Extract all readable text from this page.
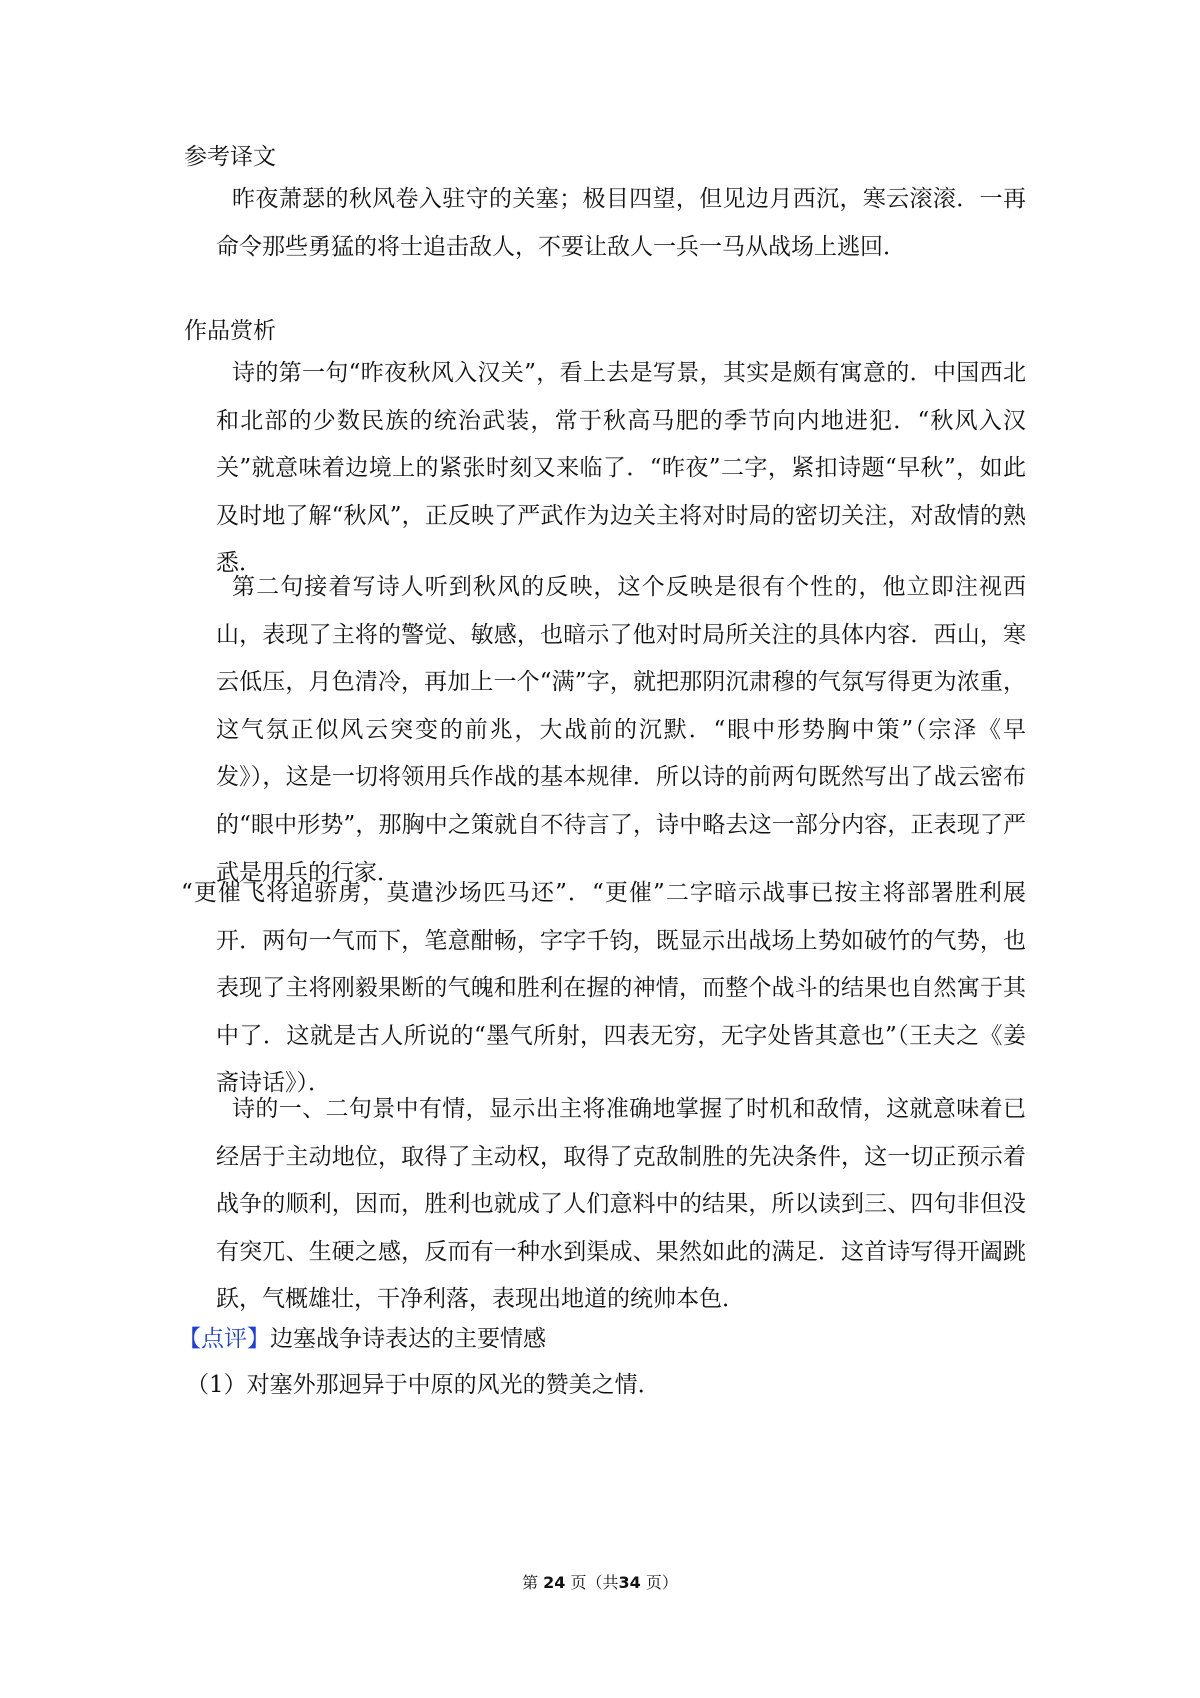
参考译文

昨夜萧瑟的秋风卷入驻守的关塞；极目四望，但见边月西沉，寒云滚滚．一再命令那些勇猛的将士追击敌人，不要让敌人一兵一马从战场上逃回．

作品赏析

诗的第一句“昨夜秋风入汉关”，看上去是写景，其实是颇有寓意的．中国西北和北部的少数民族的统治武装，常于秋高马肥的季节向内地进犯．“秋风入汉关”就意味着边境上的紧张时刻又来临了．“昨夜”二字，紧扣诗题“早秋”，如此及时地了解“秋风”，正反映了严武作为边关主将对时局的密切关注，对敌情的熟悉．

第二句接着写诗人听到秋风的反映，这个反映是很有个性的，他立即注视西山，表现了主将的警觉、敏感，也暗示了他对时局所关注的具体内容．西山，寒云低压，月色清冷，再加上一个“满”字，就把那阴沉肃穆的气氛写得更为浓重，这气氛正似风云突变的前兆，大战前的沉默．“眼中形势胸中策”（宗泽《早发》），这是一切将领用兵作战的基本规律．所以诗的前两句既然写出了战云密布的“眼中形势”，那胸中之策就自不待言了，诗中略去这一部分内容，正表现了严武是用兵的行家．

“更催飞将追骄虏，莫遣沙场匹马还”．“更催”二字暗示战事已按主将部署胜利展开．两句一气而下，笔意酣畅，字字千钧，既显示出战场上势如破竹的气势，也表现了主将刚毅果断的气魄和胜利在握的神情，而整个战斗的结果也自然寓于其中了．这就是古人所说的“墨气所射，四表无穷，无字处皆其意也”（王夫之《姜斋诗话》）．

诗的一、二句景中有情，显示出主将准确地掌握了时机和敌情，这就意味着已经居于主动地位，取得了主动权，取得了克敌制胜的先决条件，这一切正预示着战争的顺利，因而，胜利也就成了人们意料中的结果，所以读到三、四句非但没有突兀、生硬之感，反而有一种水到渠成、果然如此的满足．这首诗写得开阖跳跃，气概雄壮，干净利落，表现出地道的统帅本色．

【点评】边塞战争诗表达的主要情感
（1）对塞外那迥异于中原的风光的赞美之情．
第 24 页（共34 页）
